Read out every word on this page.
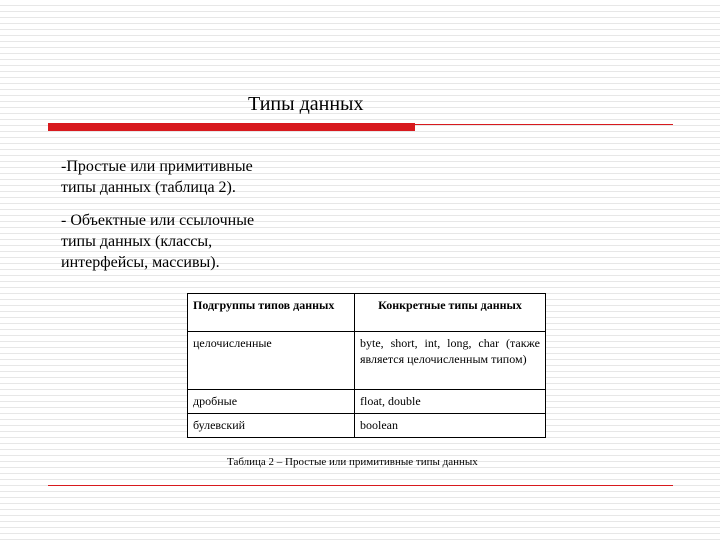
Типы данных
-Простые или примитивные
типы данных (таблица 2).
- Объектные или ссылочные
типы данных (классы,
интерфейсы, массивы).
Подгруппы типов данных	Конкретные типы данных
целочисленные	byte, short, int, long, char (также является целочисленным типом)
дробные	float, double
булевский	boolean
Таблица 2 – Простые или примитивные типы данных
